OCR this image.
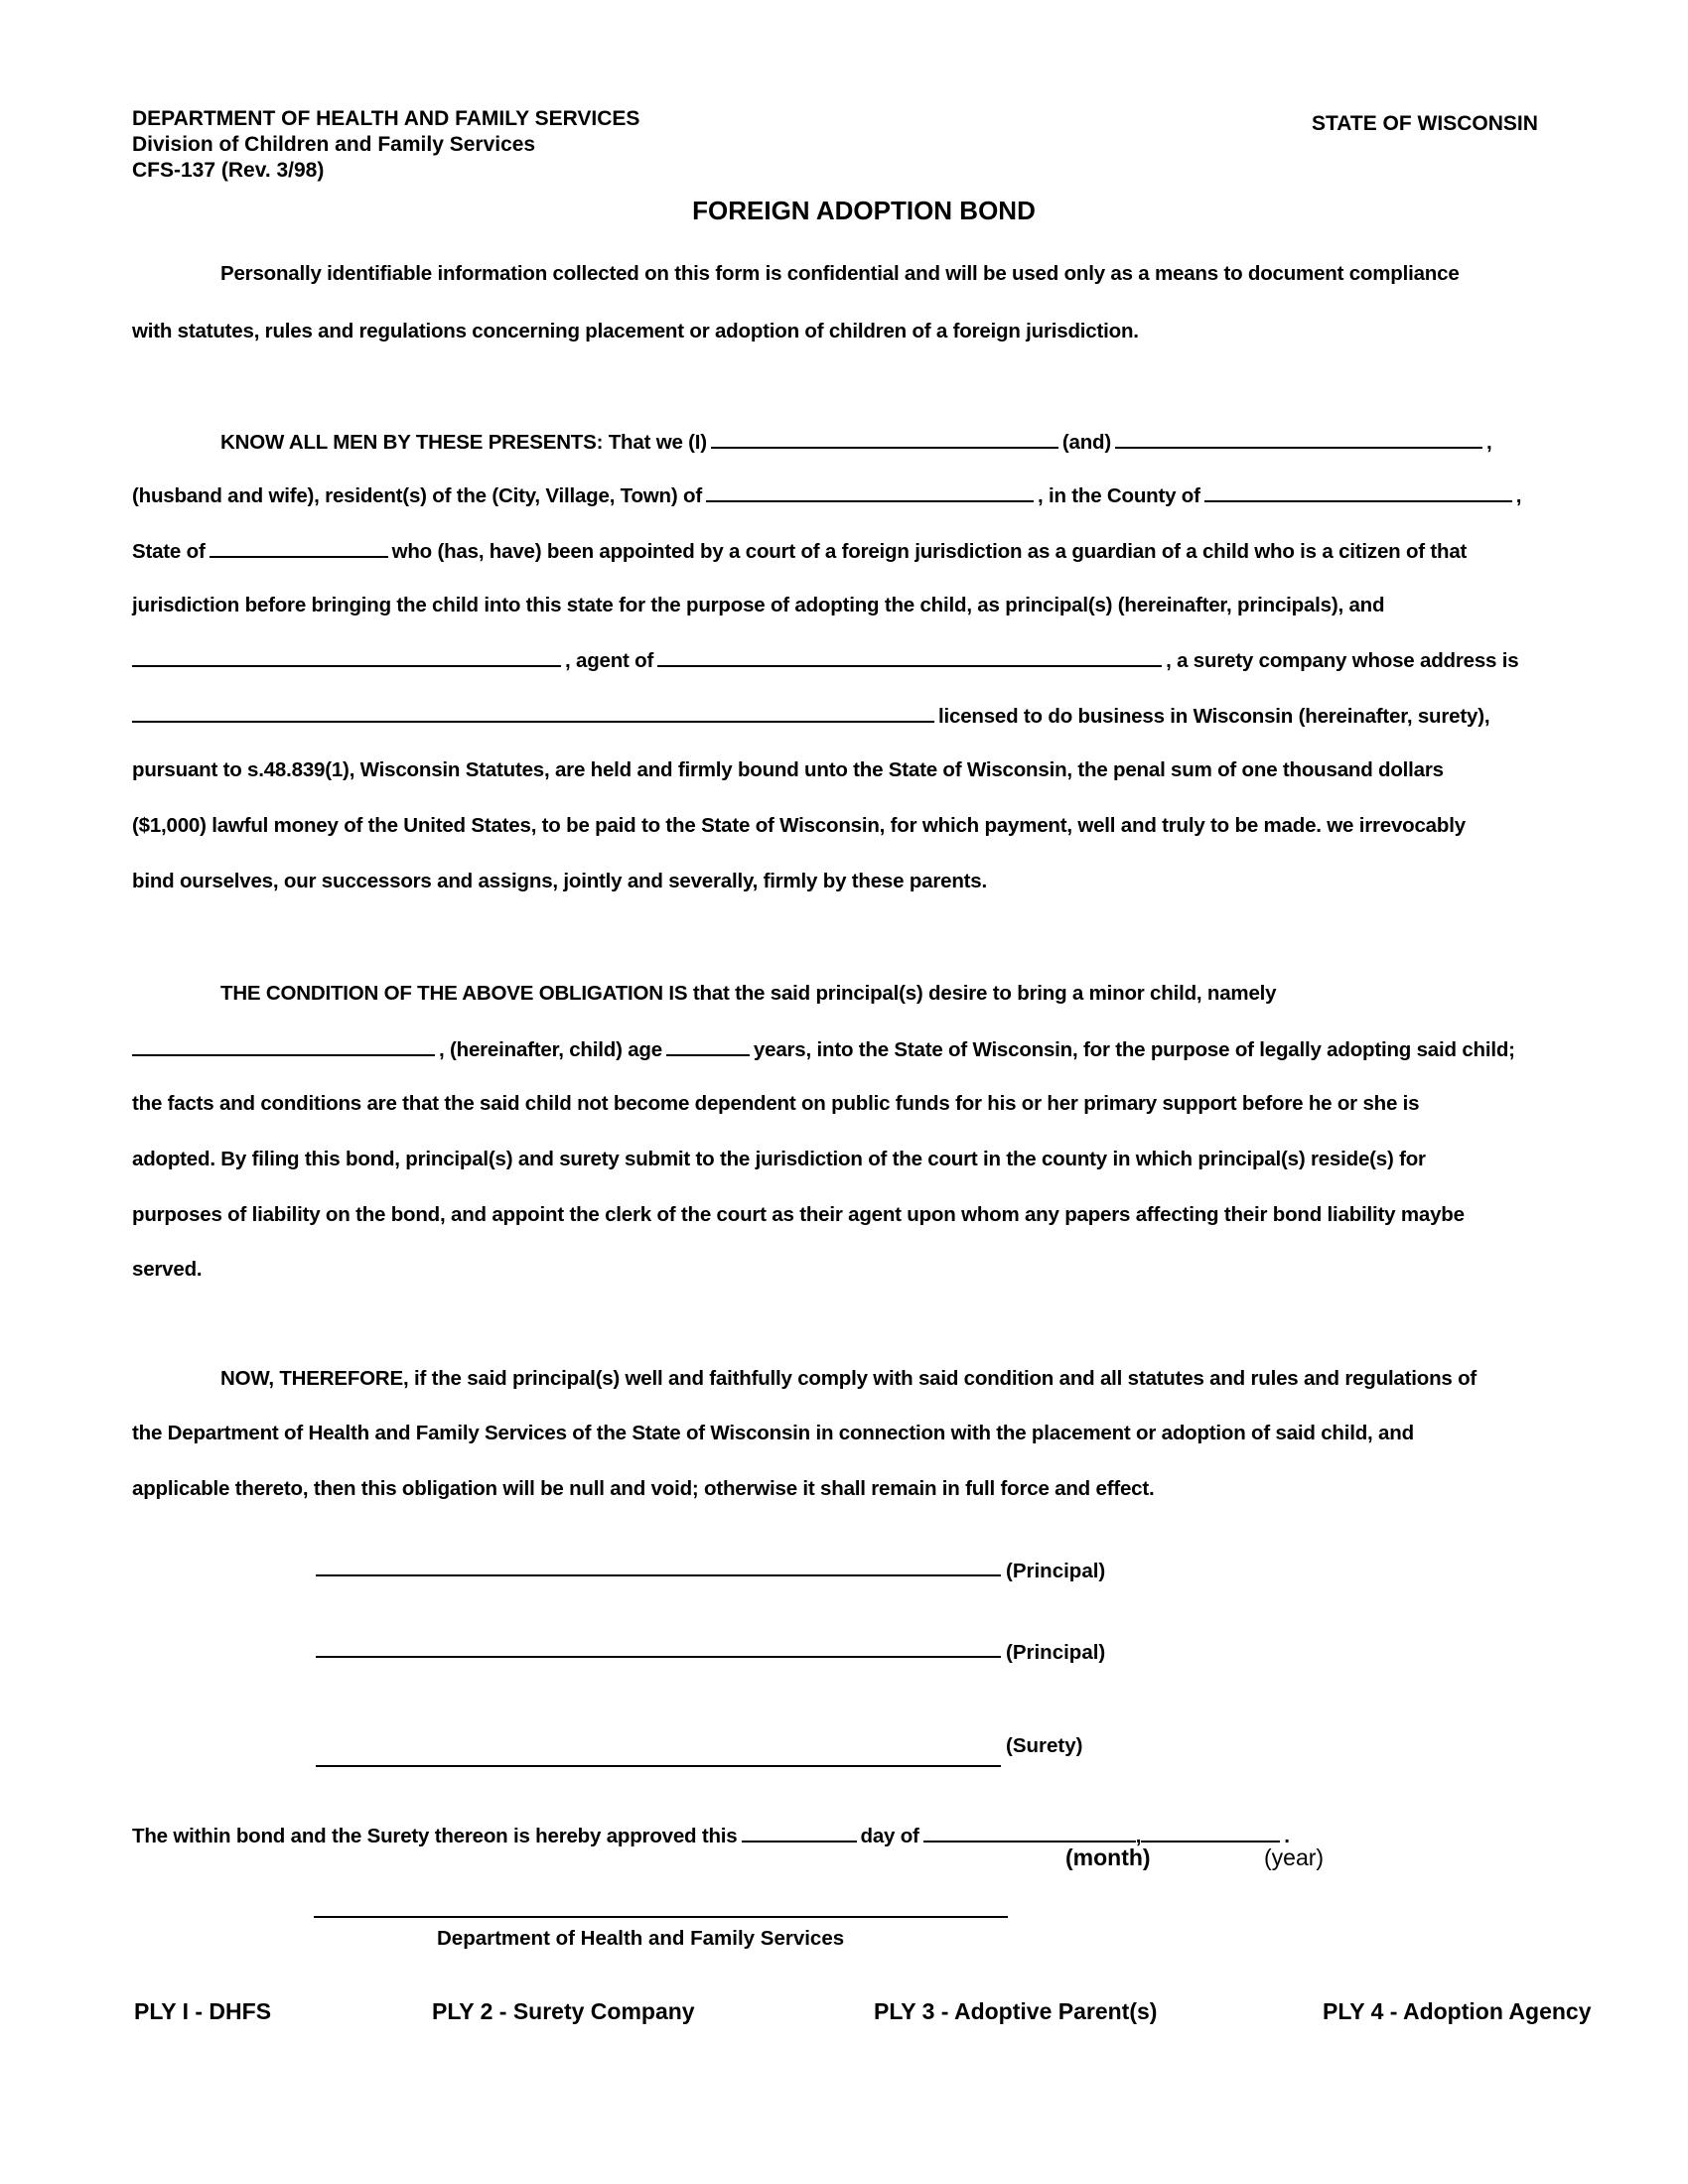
DEPARTMENT OF HEALTH AND FAMILY SERVICES
Division of Children and Family Services
CFS-137 (Rev. 3/98)
STATE OF WISCONSIN
FOREIGN ADOPTION BOND
Personally identifiable information collected on this form is confidential and will be used only as a means to document compliance
with statutes, rules and regulations concerning placement or adoption of children of a foreign jurisdiction.
KNOW ALL MEN BY THESE PRESENTS: That we (I)	(and)	,
(husband and wife), resident(s) of the (City, Village, Town) of	, in the County of	,
State of	who (has, have) been appointed by a court of a foreign jurisdiction as a guardian of a child who is a citizen of that
jurisdiction before bringing the child into this state for the purpose of adopting the child, as principal(s) (hereinafter, principals), and
, agent of	, a surety company whose address is
licensed to do business in Wisconsin (hereinafter, surety),
pursuant to s.48.839(1), Wisconsin Statutes, are held and firmly bound unto the State of Wisconsin, the penal sum of one thousand dollars
($1,000) lawful money of the United States, to be paid to the State of Wisconsin, for which payment, well and truly to be made. we irrevocably
bind ourselves, our successors and assigns, jointly and severally, firmly by these parents.
THE CONDITION OF THE ABOVE OBLIGATION IS that the said principal(s) desire to bring a minor child, namely
, (hereinafter, child) age	years, into the State of Wisconsin, for the purpose of legally adopting said child;
the facts and conditions are that the said child not become dependent on public funds for his or her primary support before he or she is
adopted. By filing this bond, principal(s) and surety submit to the jurisdiction of the court in the county in which principal(s) reside(s) for
purposes of liability on the bond, and appoint the clerk of the court as their agent upon whom any papers affecting their bond liability maybe
served.
NOW, THEREFORE, if the said principal(s) well and faithfully comply with said condition and all statutes and rules and regulations of
the Department of Health and Family Services of the State of Wisconsin in connection with the placement or adoption of said child, and
applicable thereto, then this obligation will be null and void; otherwise it shall remain in full force and effect.
(Principal)
(Principal)
(Surety)
The within bond and the Surety thereon is hereby approved this	day of	,	.
(month)	(year)
Department of Health and Family Services
PLY I - DHFS	PLY 2 - Surety Company	PLY 3 - Adoptive Parent(s)	PLY 4 - Adoption Agency
